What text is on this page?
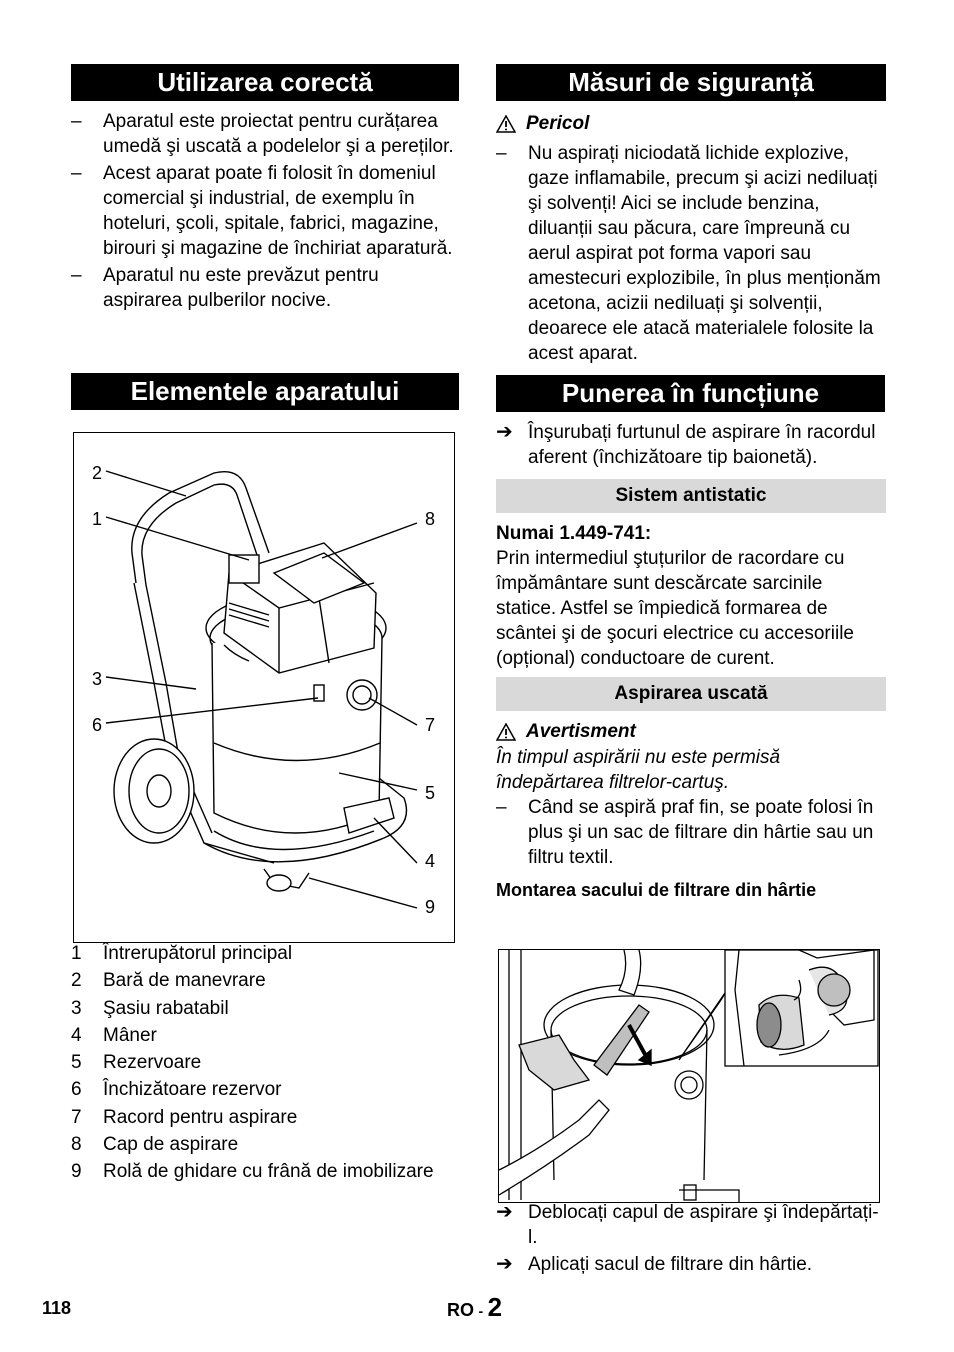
Utilizarea corectă
–	Aparatul este proiectat pentru curățarea umedă şi uscată a podelelor şi a pereților.
–	Acest aparat poate fi folosit în domeniul comercial şi industrial, de exemplu în hoteluri, şcoli, spitale, fabrici, magazine, birouri şi magazine de închiriat aparatură.
–	Aparatul nu este prevăzut pentru aspirarea pulberilor nocive.
Elementele aparatului
2
1	8
3
6	7
5
4
9
1	Întrerupătorul principal
2	Bară de manevrare
3	Şasiu rabatabil
4	Mâner
5	Rezervoare
6	Închizătoare rezervor
7	Racord pentru aspirare
8	Cap de aspirare
9	Rolă de ghidare cu frână de imobilizare
Măsuri de siguranță
Pericol
–	Nu aspirați niciodată lichide explozive, gaze inflamabile, precum şi acizi nediluați şi solvenți! Aici se include benzina, diluanții sau păcura, care împreună cu aerul aspirat pot forma vapori sau amestecuri explozibile, în plus menționăm acetona, acizii nediluați şi solvenții, deoarece ele atacă materialele folosite la acest aparat.
Punerea în funcțiune
➔ Înşurubați furtunul de aspirare în racordul aferent (închizătoare tip baionetă).
Sistem antistatic
Numai 1.449-741:
Prin intermediul ştuțurilor de racordare cu împământare sunt descărcate sarcinile statice. Astfel se împiedică formarea de scântei şi de şocuri electrice cu accesoriile (opțional) conductoare de curent.
Aspirarea uscată
Avertisment
În timpul aspirării nu este permisă îndepărtarea filtrelor-cartuş.
–	Când se aspiră praf fin, se poate folosi în plus şi un sac de filtrare din hârtie sau un filtru textil.
Montarea sacului de filtrare din hârtie
➔ Deblocați capul de aspirare şi îndepărtați-l.
➔ Aplicați sacul de filtrare din hârtie.
118	RO - 2
